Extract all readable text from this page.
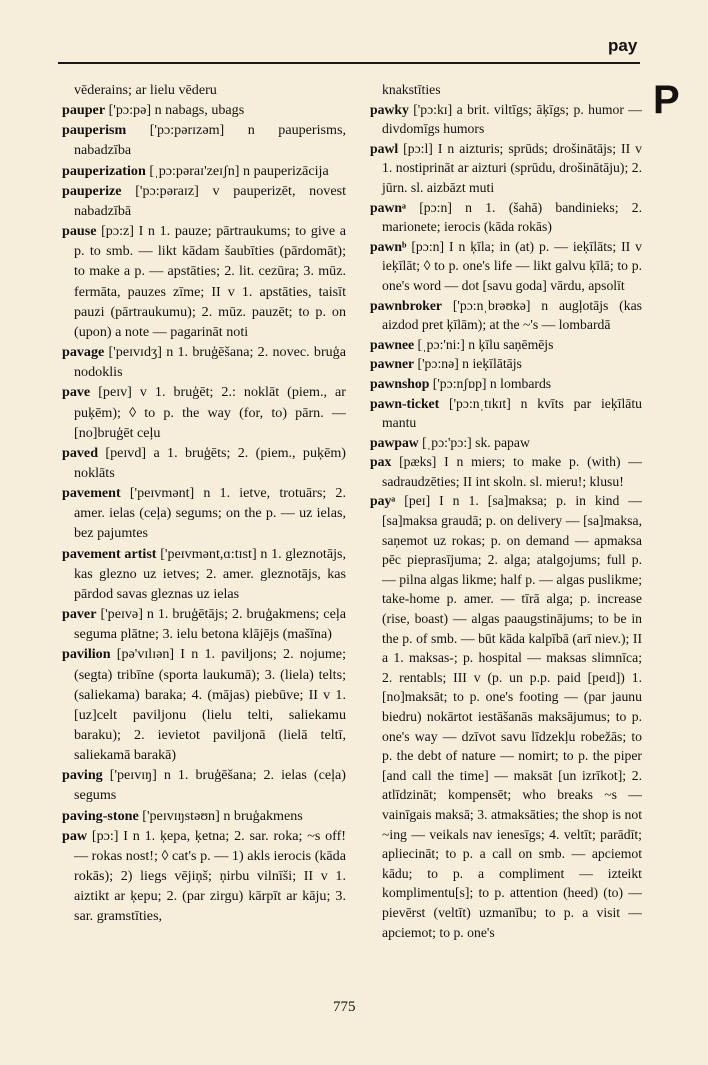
pay
P

vēderains; ar lielu vēderu

pauper ['pɔ:pə] n nabags, ubags

pauperism ['pɔ:pərɪzəm] n pauperisms, nabadzība

pauperization [ˌpɔ:pəraɪ'zeɪʃn] n pauperizācija

pauperize ['pɔ:pəraɪz] v pauperizēt, novest nabadzībā

pause [pɔ:z] I n 1. pauze; pārtraukums; to give a p. to smb. — likt kādam šaubīties (pārdomāt); to make a p. — apstāties; 2. lit. cezūra; 3. mūz. fermāta, pauzes zīme; II v 1. apstāties, taisīt pauzi (pārtraukumu); 2. mūz. pauzēt; to p. on (upon) a note — pagarināt noti

pavage ['peɪvɪdʒ] n 1. bruģēšana; 2. novec. bruģa nodoklis

pave [peɪv] v 1. bruģēt; 2.: noklāt (piem., ar puķēm); ◊ to p. the way (for, to) pārn. — [no]bruģēt ceļu

paved [peɪvd] a 1. bruģēts; 2. (piem., puķēm) noklāts

pavement ['peɪvmənt] n 1. ietve, trotuārs; 2. amer. ielas (ceļa) segums; on the p. — uz ielas, bez pajumtes

pavement artist ['peɪvmənt,ɑ:tɪst] n 1. gleznotājs, kas glezno uz ietves; 2. amer. gleznotājs, kas pārdod savas gleznas uz ielas

paver ['peɪvə] n 1. bruģētājs; 2. bruģakmens; ceļa seguma plātne; 3. ielu betona klājējs (mašīna)

pavilion [pə'vɪlɪən] I n 1. paviljons; 2. nojume; (segta) tribīne (sporta laukumā); 3. (liela) telts; (saliekama) baraka; 4. (mājas) piebūve; II v 1. [uz]celt paviljonu (lielu telti, saliekamu baraku); 2. ievietot paviljonā (lielā teltī, saliekamā barakā)

paving ['peɪvɪŋ] n 1. bruģēšana; 2. ielas (ceļa) segums

paving-stone ['peɪvɪŋstəʊn] n bruģakmens

paw [pɔ:] I n 1. ķepa, ķetna; 2. sar. roka; ~s off! — rokas nost!; ◊ cat's p. — 1) akls ierocis (kāda rokās); 2) liegs vējiņš; ņirbu vilnīši; II v 1. aiztikt ar ķepu; 2. (par zirgu) kārpīt ar kāju; 3. sar. gramstīties,

knakstīties

pawky ['pɔ:kɪ] a brit. viltīgs; āķīgs; p. humor — divdomīgs humors

pawl [pɔ:l] I n aizturis; sprūds; drošinātājs; II v 1. nostiprināt ar aizturi (sprūdu, drošinātāju); 2. jūrn. sl. aizbāzt muti

pawnᵃ [pɔ:n] n 1. (šahā) bandinieks; 2. marionete; ierocis (kāda rokās)

pawnᵇ [pɔ:n] I n ķīla; in (at) p. — ieķīlāts; II v ieķīlāt; ◊ to p. one's life — likt galvu ķīlā; to p. one's word — dot [savu goda] vārdu, apsolīt

pawnbroker ['pɔ:nˌbrəʊkə] n augļotājs (kas aizdod pret ķīlām); at the ~'s — lombardā

pawnee [ˌpɔ:'ni:] n ķīlu saņēmējs

pawner ['pɔ:nə] n ieķīlātājs

pawnshop ['pɔ:nʃɒp] n lombards

pawn-ticket ['pɔ:nˌtɪkɪt] n kvīts par ieķīlātu mantu

pawpaw [ˌpɔ:'pɔ:] sk. papaw

pax [pæks] I n miers; to make p. (with) — sadraudzēties; II int skoln. sl. mieru!; klusu!

payᵃ [peɪ] I n 1. [sa]maksa; p. in kind — [sa]maksa graudā; p. on delivery — [sa]maksa, saņemot uz rokas; p. on demand — apmaksa pēc pieprasījuma; 2. alga; atalgojums; full p. — pilna algas likme; half p. — algas puslikme; take-home p. amer. — tīrā alga; p. increase (rise, boast) — algas paaugstinājums; to be in the p. of smb. — būt kāda kalpībā (arī niev.); II a 1. maksas-; p. hospital — maksas slimnīca; 2. rentabls; III v (p. un p.p. paid [peɪd]) 1. [no]maksāt; to p. one's footing — (par jaunu biedru) nokārtot iestāšanās maksājumus; to p. one's way — dzīvot savu līdzekļu robežās; to p. the debt of nature — nomirt; to p. the piper [and call the time] — maksāt [un izrīkot]; 2. atlīdzināt; kompensēt; who breaks ~s — vainīgais maksā; 3. atmaksāties; the shop is not ~ing — veikals nav ienesīgs; 4. veltīt; parādīt; apliecināt; to p. a call on smb. — apciemot kādu; to p. a compliment — izteikt komplimentu[s]; to p. attention (heed) (to) — pievērst (veltīt) uzmanību; to p. a visit — apciemot; to p. one's

775
